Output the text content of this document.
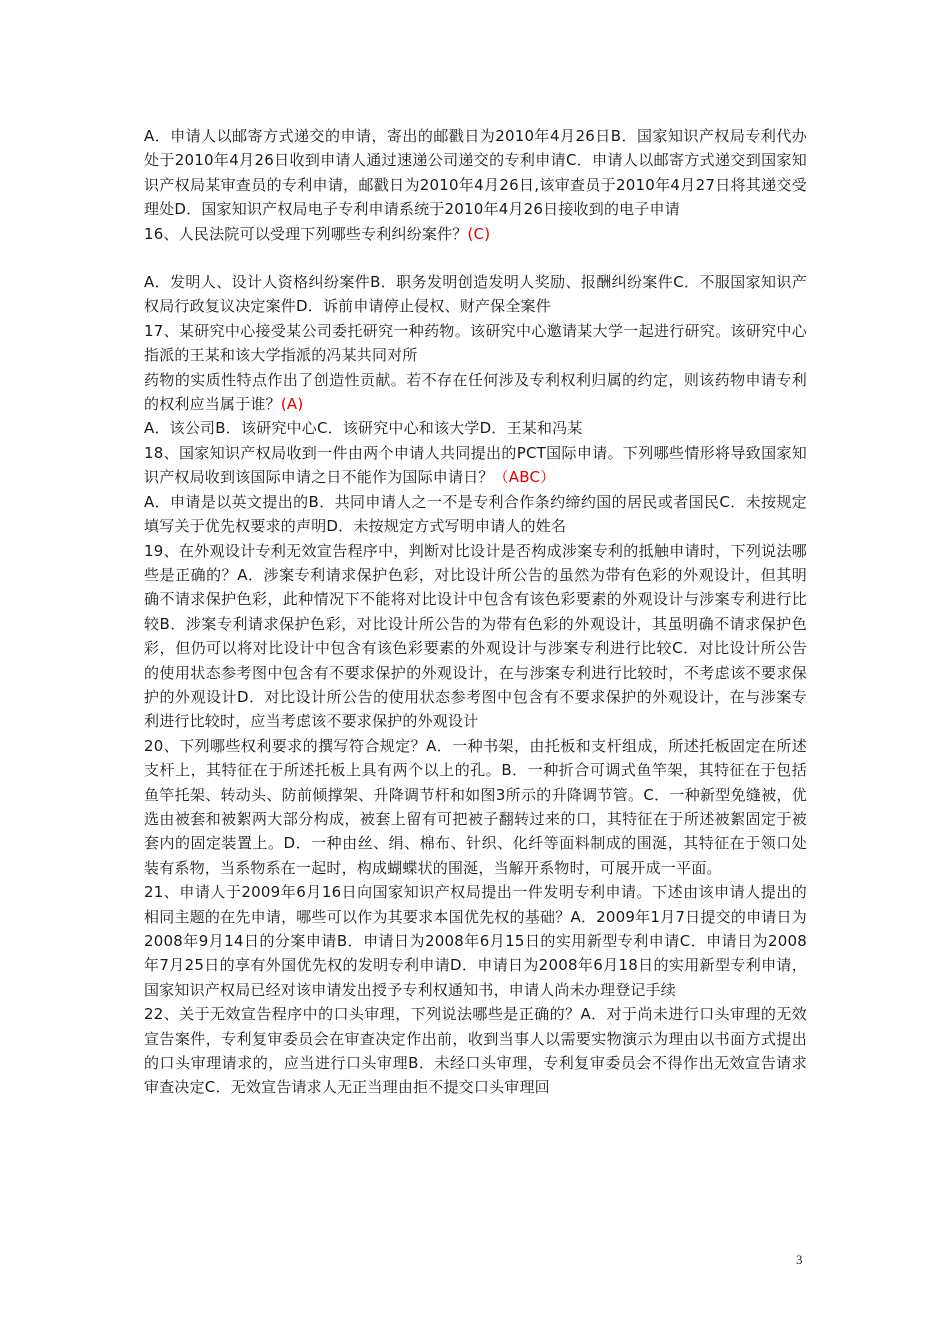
A．申请人以邮寄方式递交的申请，寄出的邮戳日为2010年4月26日B．国家知识产权局专利代办处于2010年4月26日收到申请人通过速递公司递交的专利申请C．申请人以邮寄方式递交到国家知识产权局某审查员的专利申请，邮戳日为2010年4月26日,该审查员于2010年4月27日将其递交受理处D．国家知识产权局电子专利申请系统于2010年4月26日接收到的电子申请

16、人民法院可以受理下列哪些专利纠纷案件？(C)

A．发明人、设计人资格纠纷案件B．职务发明创造发明人奖励、报酬纠纷案件C．不服国家知识产权局行政复议决定案件D．诉前申请停止侵权、财产保全案件

17、某研究中心接受某公司委托研究一种药物。该研究中心邀请某大学一起进行研究。该研究中心指派的王某和该大学指派的冯某共同对所

药物的实质性特点作出了创造性贡献。若不存在任何涉及专利权利归属的约定，则该药物申请专利的权利应当属于谁？(A)

A．该公司B．该研究中心C．该研究中心和该大学D．王某和冯某

18、国家知识产权局收到一件由两个申请人共同提出的PCT国际申请。下列哪些情形将导致国家知识产权局收到该国际申请之日不能作为国际申请日？（ABC）

A．申请是以英文提出的B．共同申请人之一不是专利合作条约缔约国的居民或者国民C．未按规定填写关于优先权要求的声明D．未按规定方式写明申请人的姓名

19、在外观设计专利无效宣告程序中，判断对比设计是否构成涉案专利的抵触申请时，下列说法哪些是正确的？A．涉案专利请求保护色彩，对比设计所公告的虽然为带有色彩的外观设计，但其明确不请求保护色彩，此种情况下不能将对比设计中包含有该色彩要素的外观设计与涉案专利进行比较B．涉案专利请求保护色彩，对比设计所公告的为带有色彩的外观设计，其虽明确不请求保护色彩，但仍可以将对比设计中包含有该色彩要素的外观设计与涉案专利进行比较C．对比设计所公告的使用状态参考图中包含有不要求保护的外观设计，在与涉案专利进行比较时，不考虑该不要求保护的外观设计D．对比设计所公告的使用状态参考图中包含有不要求保护的外观设计，在与涉案专利进行比较时，应当考虑该不要求保护的外观设计

20、下列哪些权利要求的撰写符合规定？A．一种书架，由托板和支杆组成，所述托板固定在所述支杆上，其特征在于所述托板上具有两个以上的孔。B．一种折合可调式鱼竿架，其特征在于包括鱼竿托架、转动头、防前倾撑架、升降调节杆和如图3所示的升降调节管。C．一种新型免缝被，优选由被套和被絮两大部分构成，被套上留有可把被子翻转过来的口，其特征在于所述被絮固定于被套内的固定装置上。D．一种由丝、绢、棉布、针织、化纤等面料制成的围涎，其特征在于领口处装有系物，当系物系在一起时，构成蝴蝶状的围涎，当解开系物时，可展开成一平面。

21、申请人于2009年6月16日向国家知识产权局提出一件发明专利申请。下述由该申请人提出的相同主题的在先申请，哪些可以作为其要求本国优先权的基础？A．2009年1月7日提交的申请日为2008年9月14日的分案申请B．申请日为2008年6月15日的实用新型专利申请C．申请日为2008年7月25日的享有外国优先权的发明专利申请D．申请日为2008年6月18日的实用新型专利申请，国家知识产权局已经对该申请发出授予专利权通知书，申请人尚未办理登记手续

22、关于无效宣告程序中的口头审理，下列说法哪些是正确的？A．对于尚未进行口头审理的无效宣告案件，专利复审委员会在审查决定作出前，收到当事人以需要实物演示为理由以书面方式提出的口头审理请求的，应当进行口头审理B．未经口头审理，专利复审委员会不得作出无效宣告请求审查决定C．无效宣告请求人无正当理由拒不提交口头审理回

3
